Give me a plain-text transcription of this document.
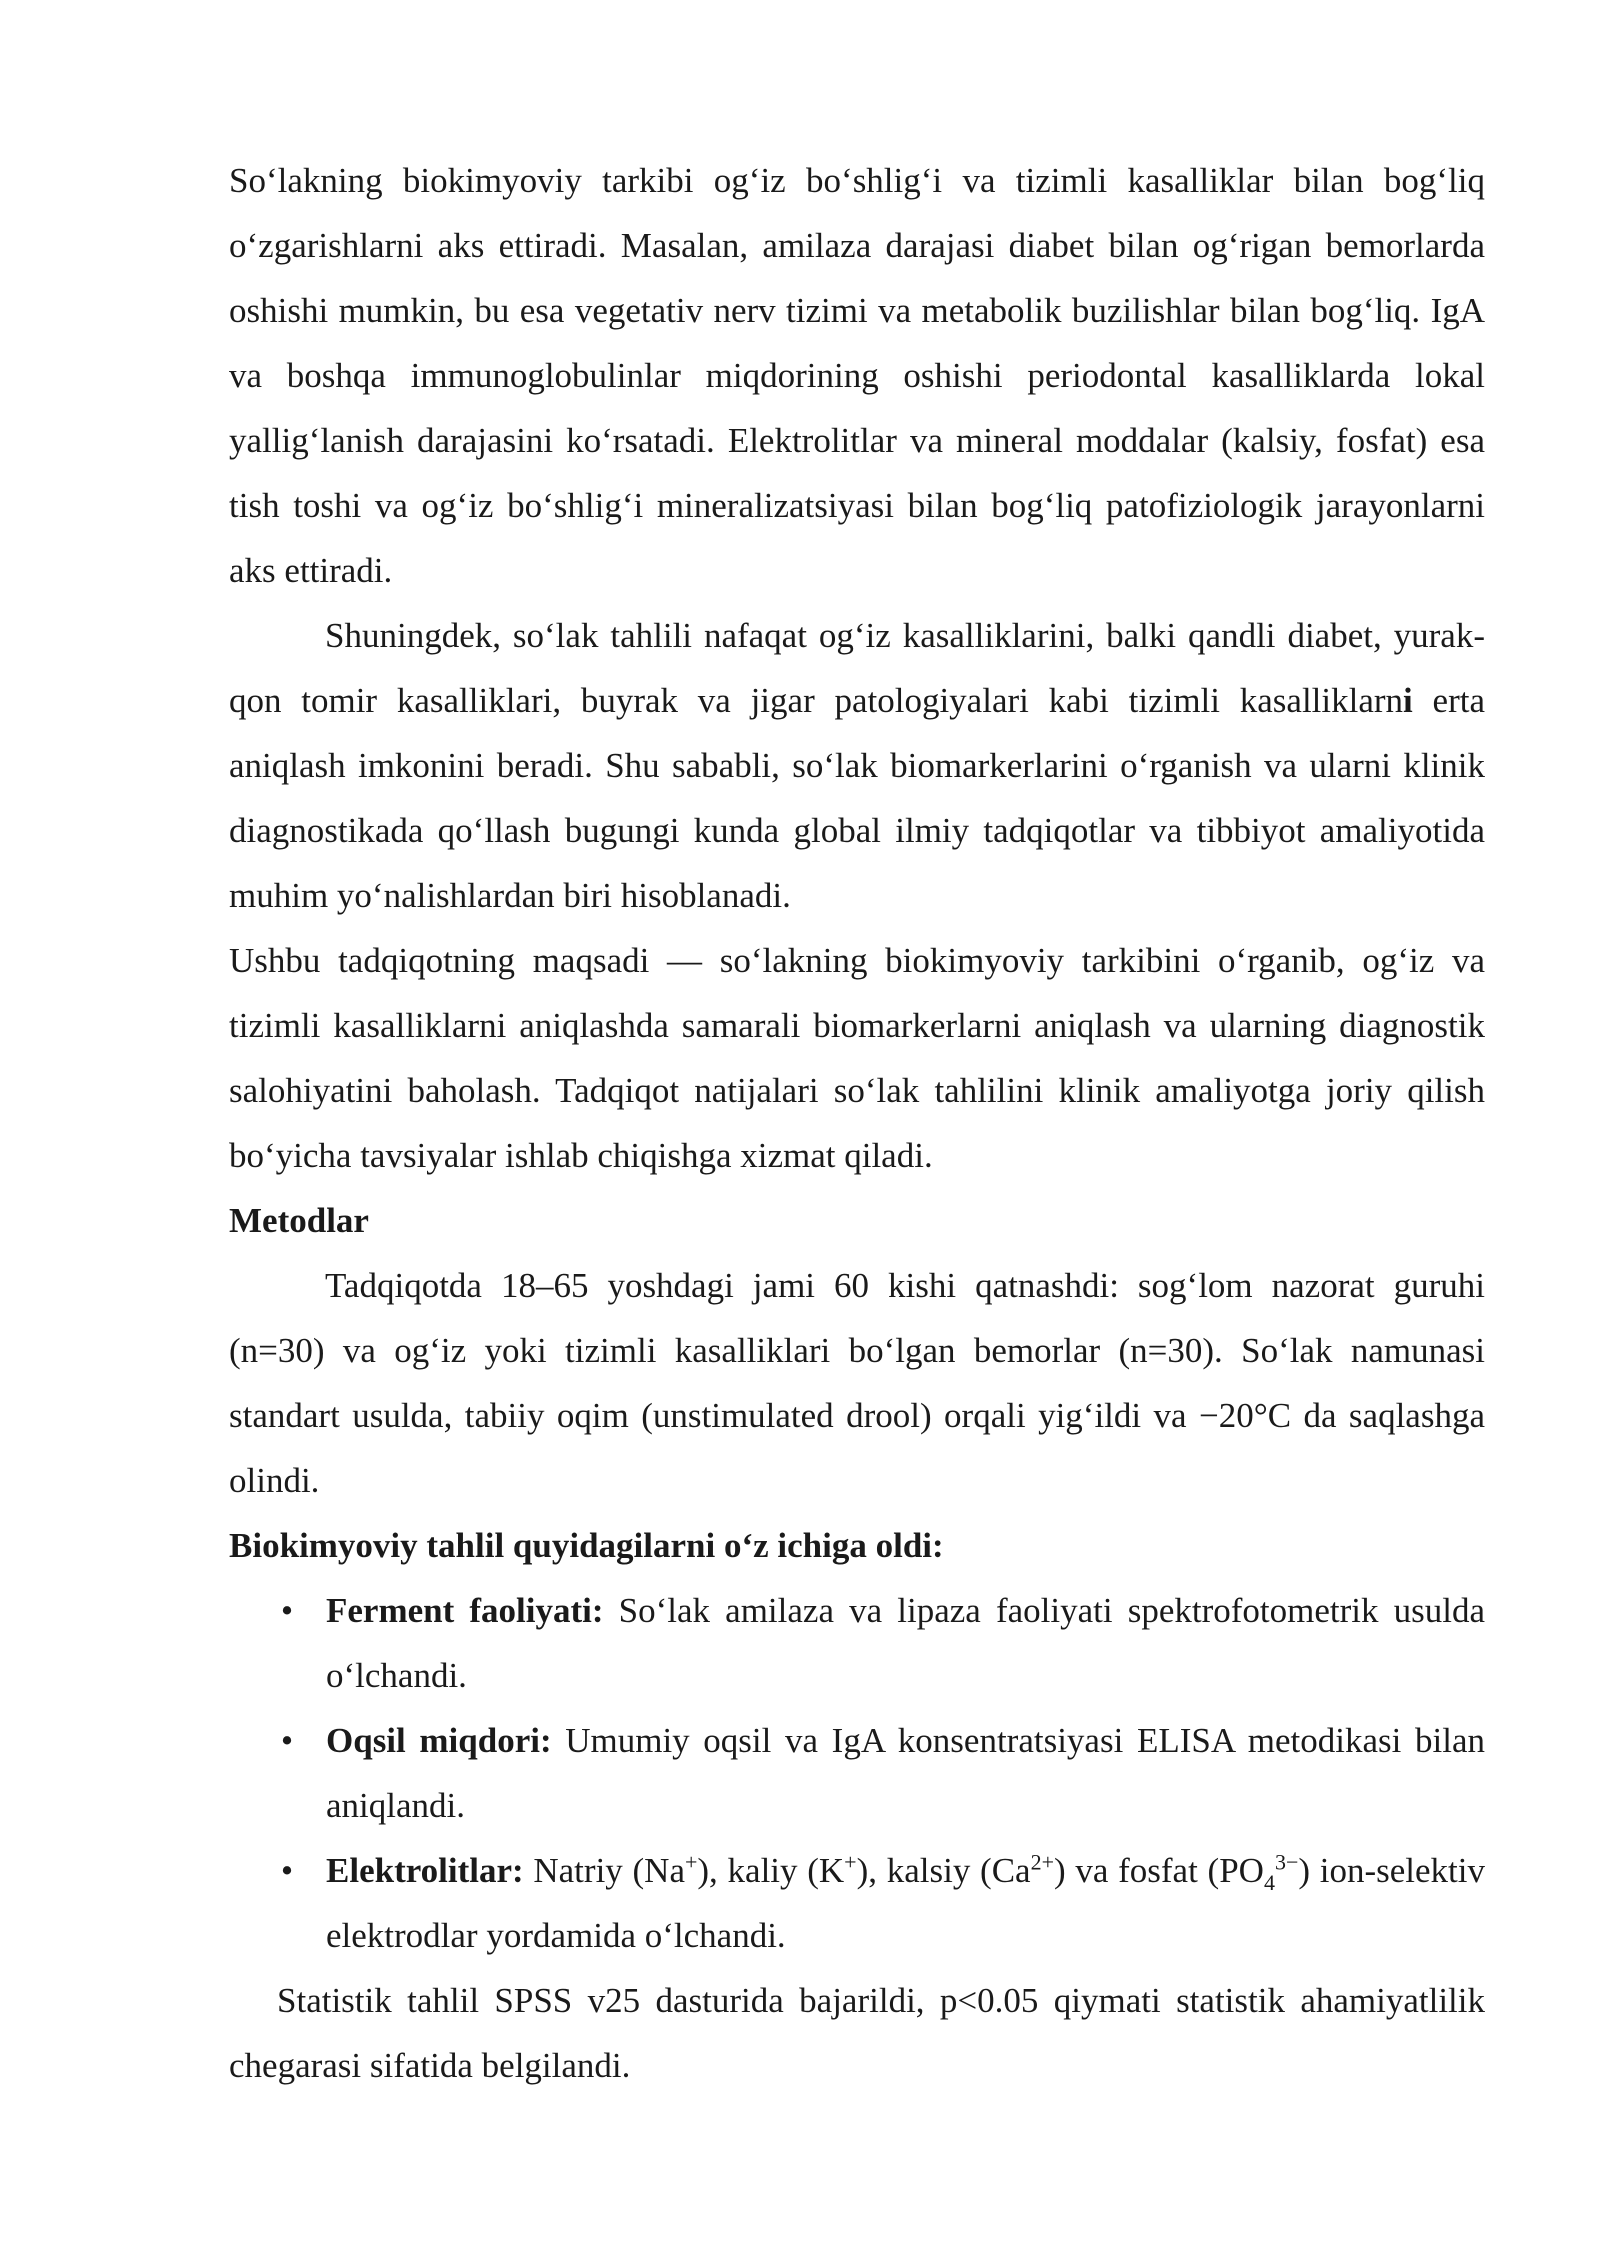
So‘lakning biokimyoviy tarkibi og‘iz bo‘shlig‘i va tizimli kasalliklar bilan bog‘liq o‘zgarishlarni aks ettiradi. Masalan, amilaza darajasi diabet bilan og‘rigan bemorlarda oshishi mumkin, bu esa vegetativ nerv tizimi va metabolik buzilishlar bilan bog‘liq. IgA va boshqa immunoglobulinlar miqdorining oshishi periodontal kasalliklarda lokal yallig‘lanish darajasini ko‘rsatadi. Elektrolitlar va mineral moddalar (kalsiy, fosfat) esa tish toshi va og‘iz bo‘shlig‘i mineralizatsiyasi bilan bog‘liq patofiziologik jarayonlarni aks ettiradi.

Shuningdek, so‘lak tahlili nafaqat og‘iz kasalliklarini, balki qandli diabet, yurak-qon tomir kasalliklari, buyrak va jigar patologiyalari kabi tizimli kasalliklarni erta aniqlash imkonini beradi. Shu sababli, so‘lak biomarkerlarini o‘rganish va ularni klinik diagnostikada qo‘llash bugungi kunda global ilmiy tadqiqotlar va tibbiyot amaliyotida muhim yo‘nalishlardan biri hisoblanadi.

Ushbu tadqiqotning maqsadi — so‘lakning biokimyoviy tarkibini o‘rganib, og‘iz va tizimli kasalliklarni aniqlashda samarali biomarkerlarni aniqlash va ularning diagnostik salohiyatini baholash. Tadqiqot natijalari so‘lak tahlilini klinik amaliyotga joriy qilish bo‘yicha tavsiyalar ishlab chiqishga xizmat qiladi.

Metodlar

Tadqiqotda 18–65 yoshdagi jami 60 kishi qatnashdi: sog‘lom nazorat guruhi (n=30) va og‘iz yoki tizimli kasalliklari bo‘lgan bemorlar (n=30). So‘lak namunasi standart usulda, tabiiy oqim (unstimulated drool) orqali yig‘ildi va −20°C da saqlashga olindi.

Biokimyoviy tahlil quyidagilarni o‘z ichiga oldi:

• Ferment faoliyati: So‘lak amilaza va lipaza faoliyati spektrofotometrik usulda o‘lchandi.
• Oqsil miqdori: Umumiy oqsil va IgA konsentratsiyasi ELISA metodikasi bilan aniqlandi.
• Elektrolitlar: Natriy (Na+), kaliy (K+), kalsiy $(Ca^{2+})$ va fosfat $(PO_4^{3-})$ ion-selektiv elektrodlar yordamida o‘lchandi.

Statistik tahlil SPSS v25 dasturida bajarildi, p<0.05 qiymati statistik ahamiyatlilik chegarasi sifatida belgilandi.
